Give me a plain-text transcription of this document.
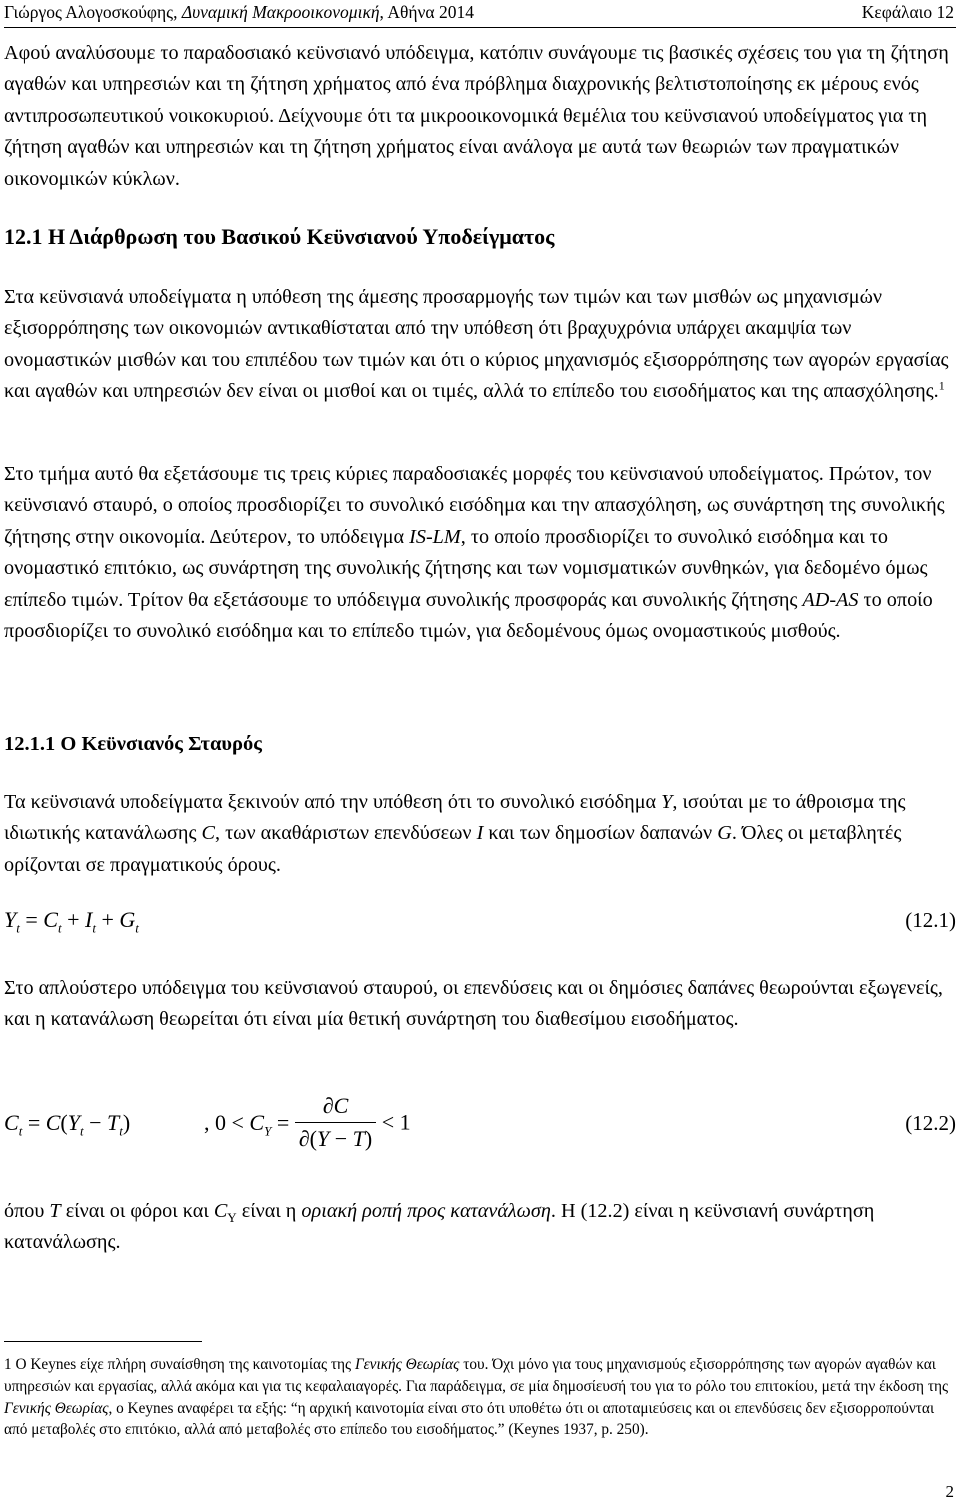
Γιώργος Αλογοσκούφης, Δυναμική Μακροοικονομική, Αθήνα 2014	Κεφάλαιο 12
Αφού αναλύσουμε το παραδοσιακό κεϋνσιανό υπόδειγμα, κατόπιν συνάγουμε τις βασικές σχέσεις του για τη ζήτηση αγαθών και υπηρεσιών και τη ζήτηση χρήματος από ένα πρόβλημα διαχρονικής βελτιστοποίησης εκ μέρους ενός αντιπροσωπευτικού νοικοκυριού. Δείχνουμε ότι τα μικροοικονομικά θεμέλια του κεϋνσιανού υποδείγματος για τη ζήτηση αγαθών και υπηρεσιών και τη ζήτηση χρήματος είναι ανάλογα με αυτά των θεωριών των πραγματικών οικονομικών κύκλων.
12.1 Η Διάρθρωση του Βασικού Κεϋνσιανού Υποδείγματος
Στα κεϋνσιανά υποδείγματα η υπόθεση της άμεσης προσαρμογής των τιμών και των μισθών ως μηχανισμών εξισορρόπησης των οικονομιών αντικαθίσταται από την υπόθεση ότι βραχυχρόνια υπάρχει ακαμψία των ονομαστικών μισθών και του επιπέδου των τιμών και ότι ο κύριος μηχανισμός εξισορρόπησης των αγορών εργασίας και αγαθών και υπηρεσιών δεν είναι οι μισθοί και οι τιμές, αλλά το επίπεδο του εισοδήματος και της απασχόλησης.$^1$
Στο τμήμα αυτό θα εξετάσουμε τις τρεις κύριες παραδοσιακές μορφές του κεϋνσιανού υποδείγματος. Πρώτον, τον κεϋνσιανό σταυρό, ο οποίος προσδιορίζει το συνολικό εισόδημα και την απασχόληση, ως συνάρτηση της συνολικής ζήτησης στην οικονομία. Δεύτερον, το υπόδειγμα IS-LM, το οποίο προσδιορίζει το συνολικό εισόδημα και το ονομαστικό επιτόκιο, ως συνάρτηση της συνολικής ζήτησης και των νομισματικών συνθηκών, για δεδομένο όμως επίπεδο τιμών. Τρίτον θα εξετάσουμε το υπόδειγμα συνολικής προσφοράς και συνολικής ζήτησης AD-AS το οποίο προσδιορίζει το συνολικό εισόδημα και το επίπεδο τιμών, για δεδομένους όμως ονομαστικούς μισθούς.
12.1.1 Ο Κεϋνσιανός Σταυρός
Τα κεϋνσιανά υποδείγματα ξεκινούν από την υπόθεση ότι το συνολικό εισόδημα Y, ισούται με το άθροισμα της ιδιωτικής κατανάλωσης C, των ακαθάριστων επενδύσεων I και των δημοσίων δαπανών G. Όλες οι μεταβλητές ορίζονται σε πραγματικούς όρους.
$Y_t = C_t + I_t + G_t$	(12.1)
Στο απλούστερο υπόδειγμα του κεϋνσιανού σταυρού, οι επενδύσεις και οι δημόσιες δαπάνες θεωρούνται εξωγενείς, και η κατανάλωση θεωρείται ότι είναι μία θετική συνάρτηση του διαθεσίμου εισοδήματος.
$C_t = C(Y_t - T_t)$	, $0 < C_Y = \frac{\partial C}{\partial(Y - T)} < 1$	(12.2)
όπου T είναι οι φόροι και $C_Y$ είναι η οριακή ροπή προς κατανάλωση. Η (12.2) είναι η κεϋνσιανή συνάρτηση κατανάλωσης.
1 Ο Keynes είχε πλήρη συναίσθηση της καινοτομίας της Γενικής Θεωρίας του. Όχι μόνο για τους μηχανισμούς εξισορρόπησης των αγορών αγαθών και υπηρεσιών και εργασίας, αλλά ακόμα και για τις κεφαλαιαγορές. Για παράδειγμα, σε μία δημοσίευσή του για το ρόλο του επιτοκίου, μετά την έκδοση της Γενικής Θεωρίας, ο Keynes αναφέρει τα εξής: “η αρχική καινοτομία είναι στο ότι υποθέτω ότι οι αποταμιεύσεις και οι επενδύσεις δεν εξισορροπούνται από μεταβολές στο επιτόκιο, αλλά από μεταβολές στο επίπεδο του εισοδήματος.” (Keynes 1937, p. 250).
2
